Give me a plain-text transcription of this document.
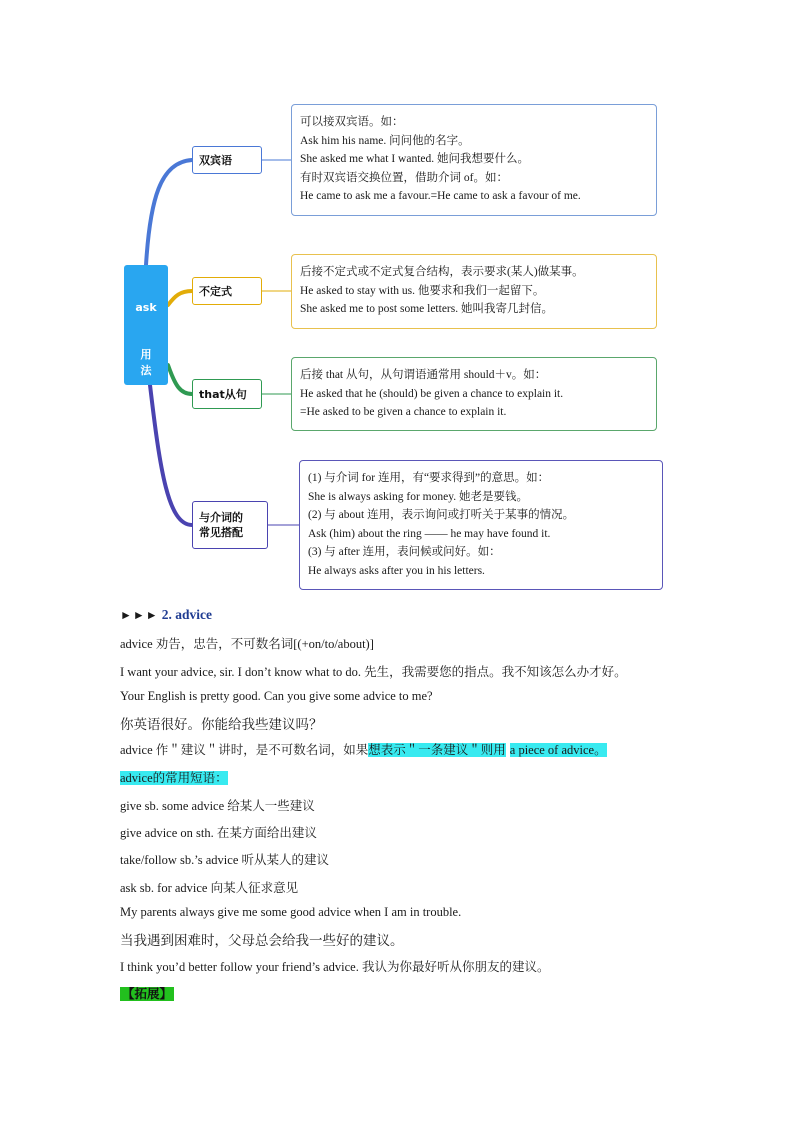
ask
用
法
双宾语
不定式
that从句
与介词的
常见搭配
可以接双宾语。如：
Ask him his name. 问问他的名字。
She asked me what I wanted. 她问我想要什么。
有时双宾语交换位置，借助介词 of。如：
He came to ask me a favour.=He came to ask a favour of me.
后接不定式或不定式复合结构，表示要求(某人)做某事。
He asked to stay with us. 他要求和我们一起留下。
She asked me to post some letters. 她叫我寄几封信。
后接 that 从句，从句谓语通常用 should＋v。如：
He asked that he (should) be given a chance to explain it.
=He asked to be given a chance to explain it.
(1) 与介词 for 连用，有“要求得到”的意思。如：
She is always asking for money. 她老是要钱。
(2) 与 about 连用，表示询问或打听关于某事的情况。
Ask (him) about the ring —— he may have found it.
(3) 与 after 连用，表问候或问好。如：
He always asks after you in his letters.
►►► 2. advice
advice 劝告，忠告，不可数名词[(+on/to/about)]
I want your advice, sir. I don’t know what to do. 先生，我需要您的指点。我不知该怎么办才好。
Your English is pretty good. Can you give some advice to me?
你英语很好。你能给我些建议吗？
advice 作＂建议＂讲时，是不可数名词，如果想表示＂一条建议＂则用 a piece of advice。
advice的常用短语：
give sb. some advice 给某人一些建议
give advice on sth. 在某方面给出建议
take/follow sb.’s advice 听从某人的建议
ask sb. for advice 向某人征求意见
My parents always give me some good advice when I am in trouble.
当我遇到困难时，父母总会给我一些好的建议。
I think you’d better follow your friend’s advice. 我认为你最好听从你朋友的建议。
【拓展】
